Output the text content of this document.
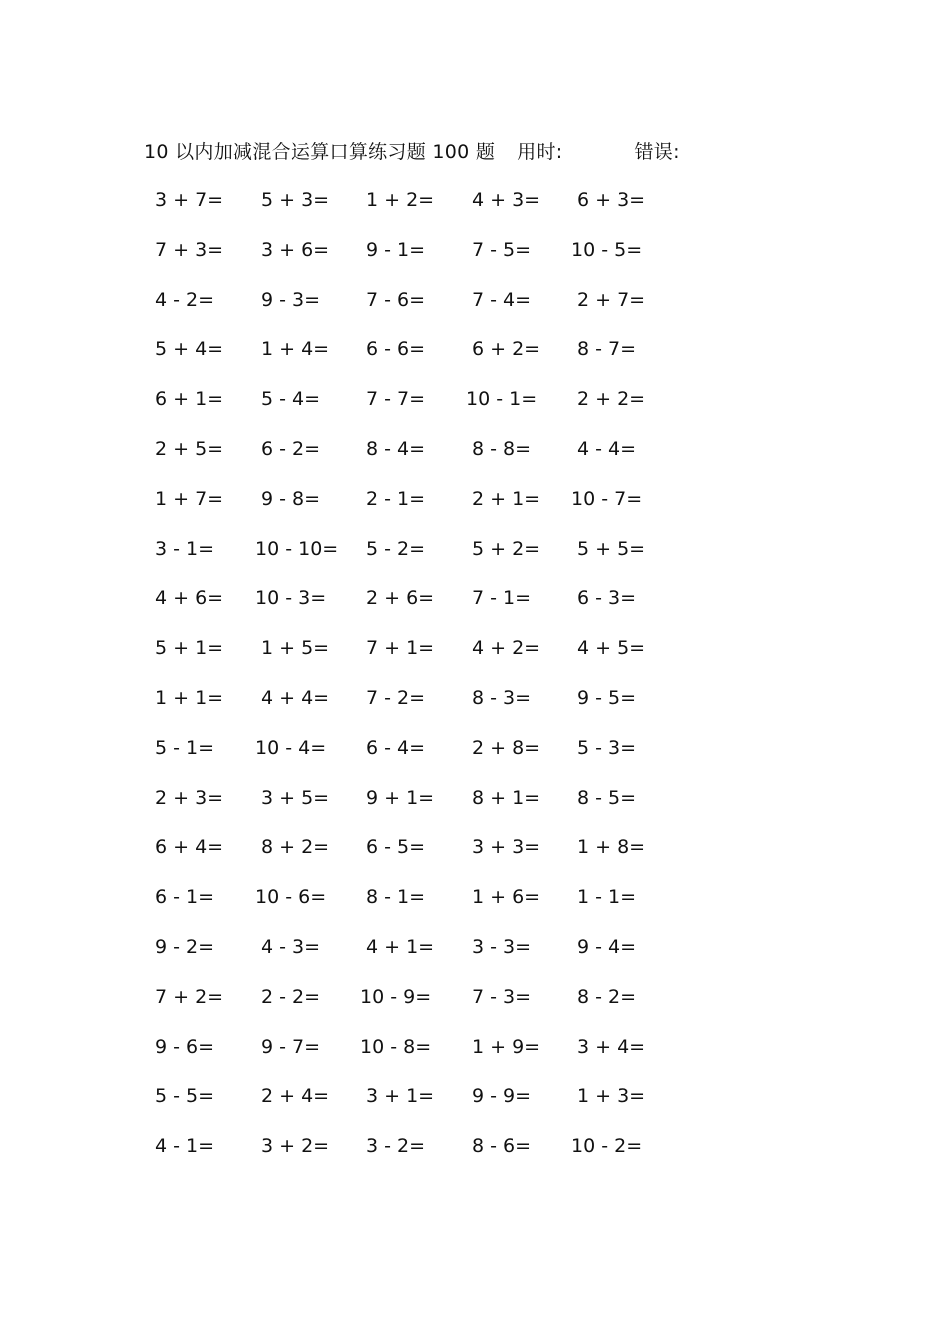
10 以内加减混合运算口算练习题 100 题 用时:	错误:
3 + 7= 5 + 3= 1 + 2= 4 + 3= 6 + 3=
7 + 3= 3 + 6= 9 - 1= 7 - 5= 10 - 5=
4 - 2= 9 - 3= 7 - 6= 7 - 4= 2 + 7=
5 + 4= 1 + 4= 6 - 6= 6 + 2= 8 - 7=
6 + 1= 5 - 4= 7 - 7= 10 - 1= 2 + 2=
2 + 5= 6 - 2= 8 - 4= 8 - 8= 4 - 4=
1 + 7= 9 - 8= 2 - 1= 2 + 1= 10 - 7=
3 - 1= 10 - 10= 5 - 2= 5 + 2= 5 + 5=
4 + 6= 10 - 3= 2 + 6= 7 - 1= 6 - 3=
5 + 1= 1 + 5= 7 + 1= 4 + 2= 4 + 5=
1 + 1= 4 + 4= 7 - 2= 8 - 3= 9 - 5=
5 - 1= 10 - 4= 6 - 4= 2 + 8= 5 - 3=
2 + 3= 3 + 5= 9 + 1= 8 + 1= 8 - 5=
6 + 4= 8 + 2= 6 - 5= 3 + 3= 1 + 8=
6 - 1= 10 - 6= 8 - 1= 1 + 6= 1 - 1=
9 - 2= 4 - 3= 4 + 1= 3 - 3= 9 - 4=
7 + 2= 2 - 2= 10 - 9= 7 - 3= 8 - 2=
9 - 6= 9 - 7= 10 - 8= 1 + 9= 3 + 4=
5 - 5= 2 + 4= 3 + 1= 9 - 9= 1 + 3=
4 - 1= 3 + 2= 3 - 2= 8 - 6= 10 - 2=
